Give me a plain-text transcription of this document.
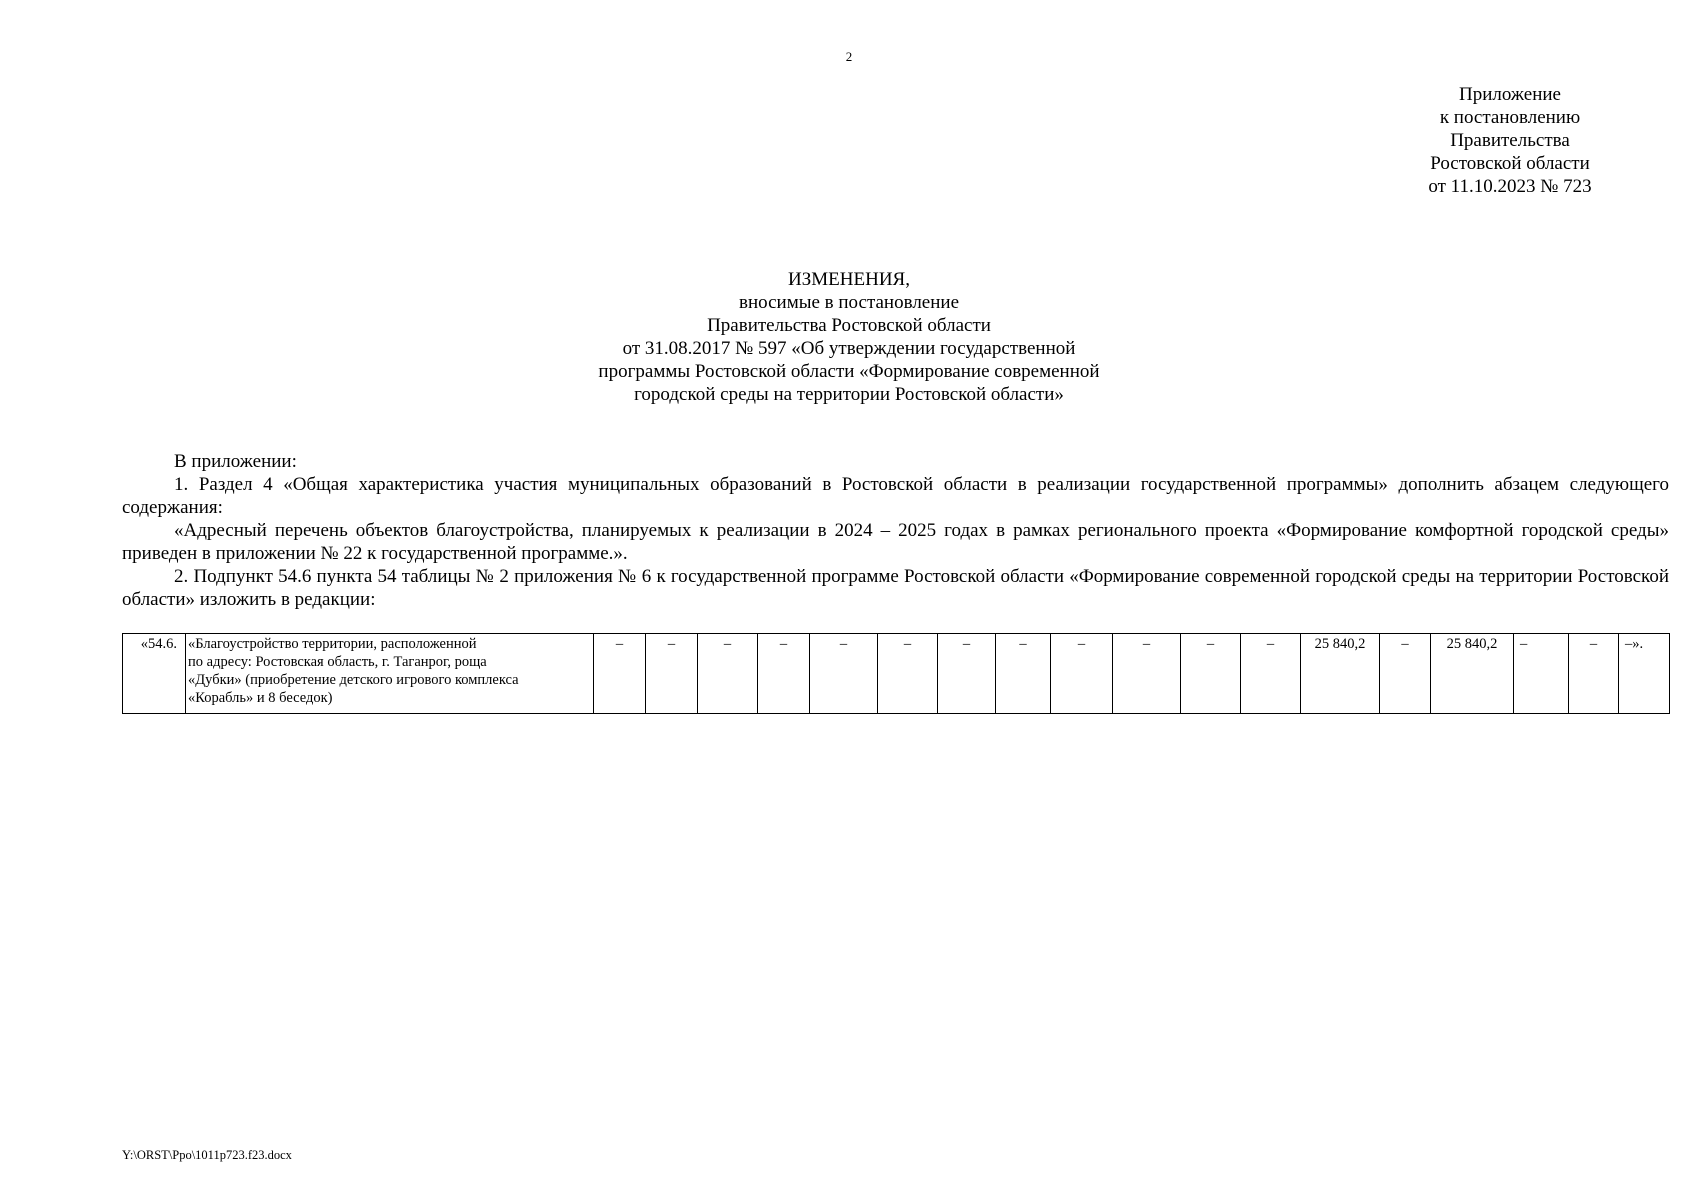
2
Приложение
к постановлению
Правительства
Ростовской области
от 11.10.2023 № 723
ИЗМЕНЕНИЯ,
вносимые в постановление
Правительства Ростовской области
от 31.08.2017 № 597 «Об утверждении государственной
программы Ростовской области «Формирование современной
городской среды на территории Ростовской области»

В приложении:

1. Раздел 4 «Общая характеристика участия муниципальных образований в Ростовской области в реализации государственной программы» дополнить абзацем следующего содержания:

«Адресный перечень объектов благоустройства, планируемых к реализации в 2024 – 2025 годах в рамках регионального проекта «Формирование комфортной городской среды» приведен в приложении № 22 к государственной программе.».

2. Подпункт 54.6 пункта 54 таблицы № 2 приложения № 6 к государственной программе Ростовской области «Формирование современной городской среды на территории Ростовской области» изложить в редакции:

«54.6.	«Благоустройство территории, расположенной
по адресу: Ростовская область, г. Таганрог, роща
«Дубки» (приобретение детского игрового комплекса
«Корабль» и 8 беседок)
	–	–	–	–	–	–	–	–	–	–	–	–	25 840,2	–	25 840,2	–	–	–».
Y:\ORST\Ppo\1011p723.f23.docx
